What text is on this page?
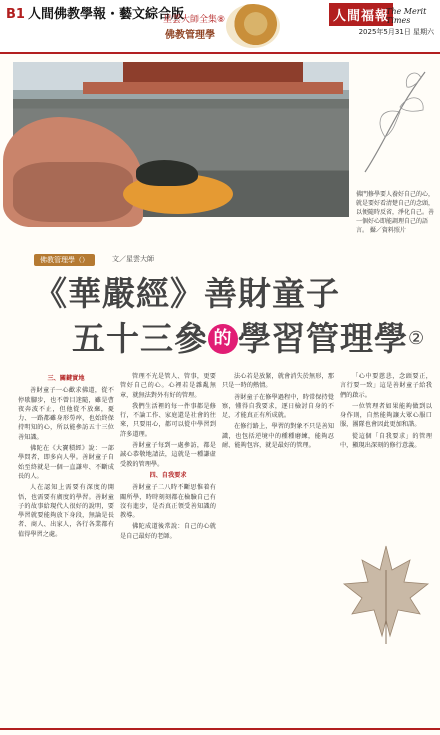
B1 人間佛教學報・藝文綜合版
星雲大師全集⑧
佛教管理學
人間福報
The Merit Times
2025年5月31日 星期六
佛門修學要人養好自己的心，就是要好看清楚自己的念頭，以便隨時反省，淨化自己。善一個好心即能調理自己的語言。 攝／資料照片
佛教管理學（）	文／星雲大師
《華嚴經》善財童子
五十三參 的 學習管理學②
三、關鍵實地

善財童子一心歡求佛道，從不停歇腳步，也不曾目迷隨，雖是曹夜奔波不止，但他從不放棄，憂力、一路都雖身形勞瘁，也始終保持明知的心，所以能參訪五十三位善知識。

佛陀在《大寶積經》說：一部學問者，即多向人學。善財童子自始至終就是一個一直謙卑、不斷成長的人。

人在認知上需要有深度的開悟，也需要有廣度的學習。善財童子的故事給現代人很好的說明，要學習就要能夠放下身段，無論是長者、商人、出家人，各行各業都有值得學習之處。

管理不光是管人、管事，更要管好自己的心。心裡若是雜亂無章，就無法對外有好的管理。

我們生活裡的每一件事都是修行，不論工作、家庭還是社會的往來，只要用心，都可以從中學習到許多道理。

善財童子每到一處參訪，都是誠心恭敬地請法，這就是一種謙虛受教的管理學。

四、自我要求

善財童子二八時不斷思惟着有關所學，時時刻刻都在檢驗自己有沒有進步，是否真正領受善知識的教導。

佛陀成道後常說：自己的心就是自己最好的老師。

法心若是放緊，就會消失於無形，那只是一時的熱情。

善財童子在修學過程中，時常保持覺察，懂得自我要求，逐日檢討自身的不足，才能真正有所成就。

在修行路上，學習的對象不只是善知識，也包括逆境中的種種磨練，能夠忍耐、能夠包容，就是最好的管理。

「心中要慈悲，念頭要正，言行要一致」這是善財童子給我們的啟示。

一位管理者如果能夠做到以身作則，自然能夠讓大眾心服口服，團隊也會因此更加和諧。

從這個「自我要求」的管理中，顯現出深刻的修行意義。
